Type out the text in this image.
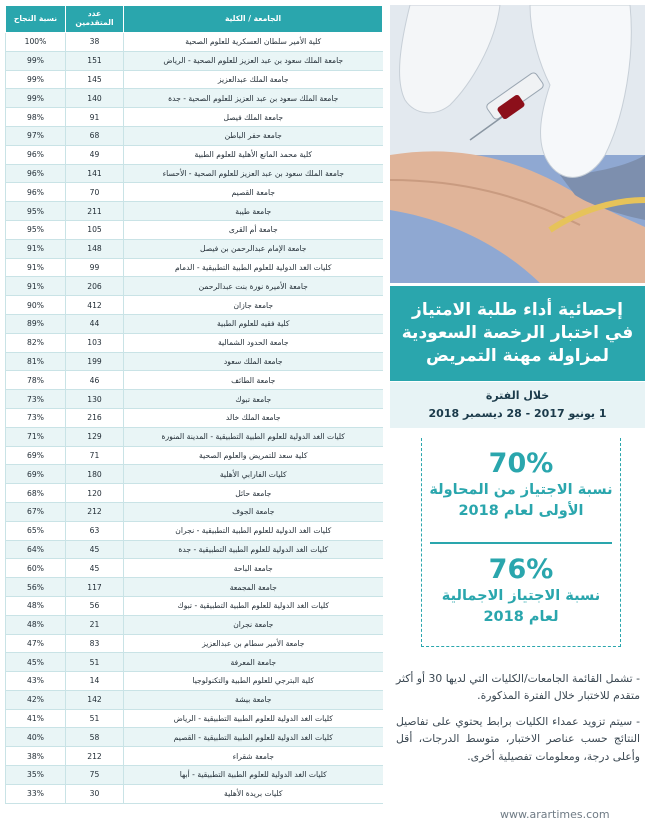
الجامعة / الكلية	عدد المتقدمين	نسبة النجاح
كلية الأمير سلطان العسكرية للعلوم الصحية	38	100%
جامعة الملك سعود بن عبد العزيز للعلوم الصحية - الرياض	151	99%
جامعة الملك عبدالعزيز	145	99%
جامعة الملك سعود بن عبد العزيز للعلوم الصحية - جدة	140	99%
جامعة الملك فيصل	91	98%
جامعة حفر الباطن	68	97%
كلية محمد المانع الأهلية للعلوم الطبية	49	96%
جامعة الملك سعود بن عبد العزيز للعلوم الصحية - الأحساء	141	96%
جامعة القصيم	70	96%
جامعة طيبة	211	95%
جامعة أم القرى	105	95%
جامعة الإمام عبدالرحمن بن فيصل	148	91%
كليات الغد الدولية للعلوم الطبية التطبيقية - الدمام	99	91%
جامعة الأميرة نورة بنت عبدالرحمن	206	91%
جامعة جازان	412	90%
كلية فقيه للعلوم الطبية	44	89%
جامعة الحدود الشمالية	103	82%
جامعة الملك سعود	199	81%
جامعة الطائف	46	78%
جامعة تبوك	130	73%
جامعة الملك خالد	216	73%
كليات الغد الدولية للعلوم الطبية التطبيقية - المدينة المنورة	129	71%
كلية سعد للتمريض والعلوم الصحية	71	69%
كليات الفارابي الأهلية	180	69%
جامعة حائل	120	68%
جامعة الجوف	212	67%
كليات الغد الدولية للعلوم الطبية التطبيقية - نجران	63	65%
كليات الغد الدولية للعلوم الطبية التطبيقية - جدة	45	64%
جامعة الباحة	45	60%
جامعة المجمعة	117	56%
كليات الغد الدولية للعلوم الطبية التطبيقية - تبوك	56	48%
جامعة نجران	21	48%
جامعة الأمير سطام بن عبدالعزيز	83	47%
جامعة المعرفة	51	45%
كلية البترجي للعلوم الطبية والتكنولوجيا	14	43%
جامعة بيشة	142	42%
كليات الغد الدولية للعلوم الطبية التطبيقية - الرياض	51	41%
كليات الغد الدولية للعلوم الطبية التطبيقية - القصيم	58	40%
جامعة شقراء	212	38%
كليات الغد الدولية للعلوم الطبية التطبيقية - أبها	75	35%
كليات بريدة الأهلية	30	33%
إحصائية أداء طلبة الامتياز
في اختبار الرخصة السعودية
لمزاولة مهنة التمريض
خلال الفترة
1 يونيو 2017 - 28 ديسمبر 2018
70%
نسبة الاجتياز من المحاولة
الأولى لعام 2018
76%
نسبة الاجتياز الاجمالية
لعام 2018

- تشمل القائمة الجامعات/الكليات التي لديها 30 أو أكثر متقدم للاختبار خلال الفترة المذكورة.

- سيتم تزويد عمداء الكليات برابط يحتوي على تفاصيل النتائج حسب عناصر الاختبار، متوسط الدرجات، أقل وأعلى درجة، ومعلومات تفصيلية أخرى.

www.arartimes.com
